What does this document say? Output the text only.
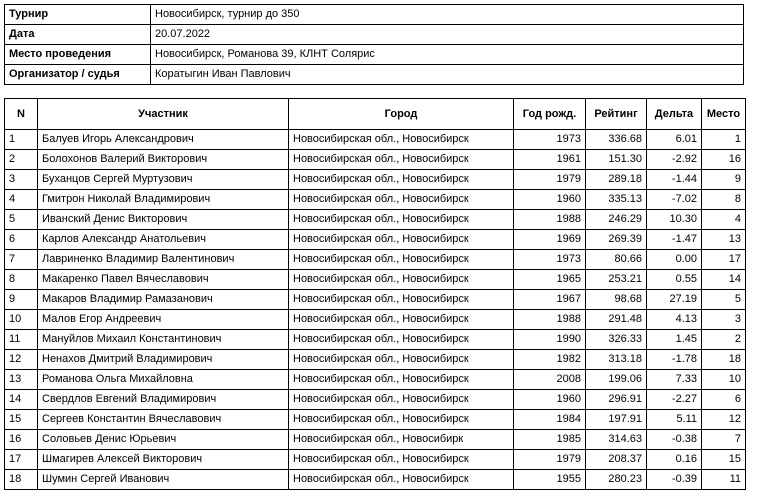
Турнир	Новосибирск, турнир до 350
Дата	20.07.2022
Место проведения	Новосибирск, Романова 39, КЛНТ Солярис
Организатор / судья	Коратыгин Иван Павлович
N	Участник	Город	Год рожд.	Рейтинг	Дельта	Место
1	Балуев Игорь Александрович	Новосибирская обл., Новосибирск	1973	336.68	6.01	1
2	Болохонов Валерий Викторович	Новосибирская обл., Новосибирск	1961	151.30	-2.92	16
3	Буханцов Сергей Муртузович	Новосибирская обл., Новосибирск	1979	289.18	-1.44	9
4	Гмитрон Николай Владимирович	Новосибирская обл., Новосибирск	1960	335.13	-7.02	8
5	Иванский Денис Викторович	Новосибирская обл., Новосибирск	1988	246.29	10.30	4
6	Карлов Александр Анатольевич	Новосибирская обл., Новосибирск	1969	269.39	-1.47	13
7	Лавриненко Владимир Валентинович	Новосибирская обл., Новосибирск	1973	80.66	0.00	17
8	Макаренко Павел Вячеславович	Новосибирская обл., Новосибирск	1965	253.21	0.55	14
9	Макаров Владимир Рамазанович	Новосибирская обл., Новосибирск	1967	98.68	27.19	5
10	Малов Егор Андреевич	Новосибирская обл., Новосибирск	1988	291.48	4.13	3
11	Мануйлов Михаил Константинович	Новосибирская обл., Новосибирск	1990	326.33	1.45	2
12	Ненахов Дмитрий Владимирович	Новосибирская обл., Новосибирск	1982	313.18	-1.78	18
13	Романова Ольга Михайловна	Новосибирская обл., Новосибирск	2008	199.06	7.33	10
14	Свердлов Евгений Владимирович	Новосибирская обл., Новосибирск	1960	296.91	-2.27	6
15	Сергеев Константин Вячеславович	Новосибирская обл., Новосибирск	1984	197.91	5.11	12
16	Соловьев Денис Юрьевич	Новосибирская обл., Новосибирк	1985	314.63	-0.38	7
17	Шмагирев Алексей Викторович	Новосибирская обл., Новосибирск	1979	208.37	0.16	15
18	Шумин Сергей Иванович	Новосибирская обл., Новосибирск	1955	280.23	-0.39	11
